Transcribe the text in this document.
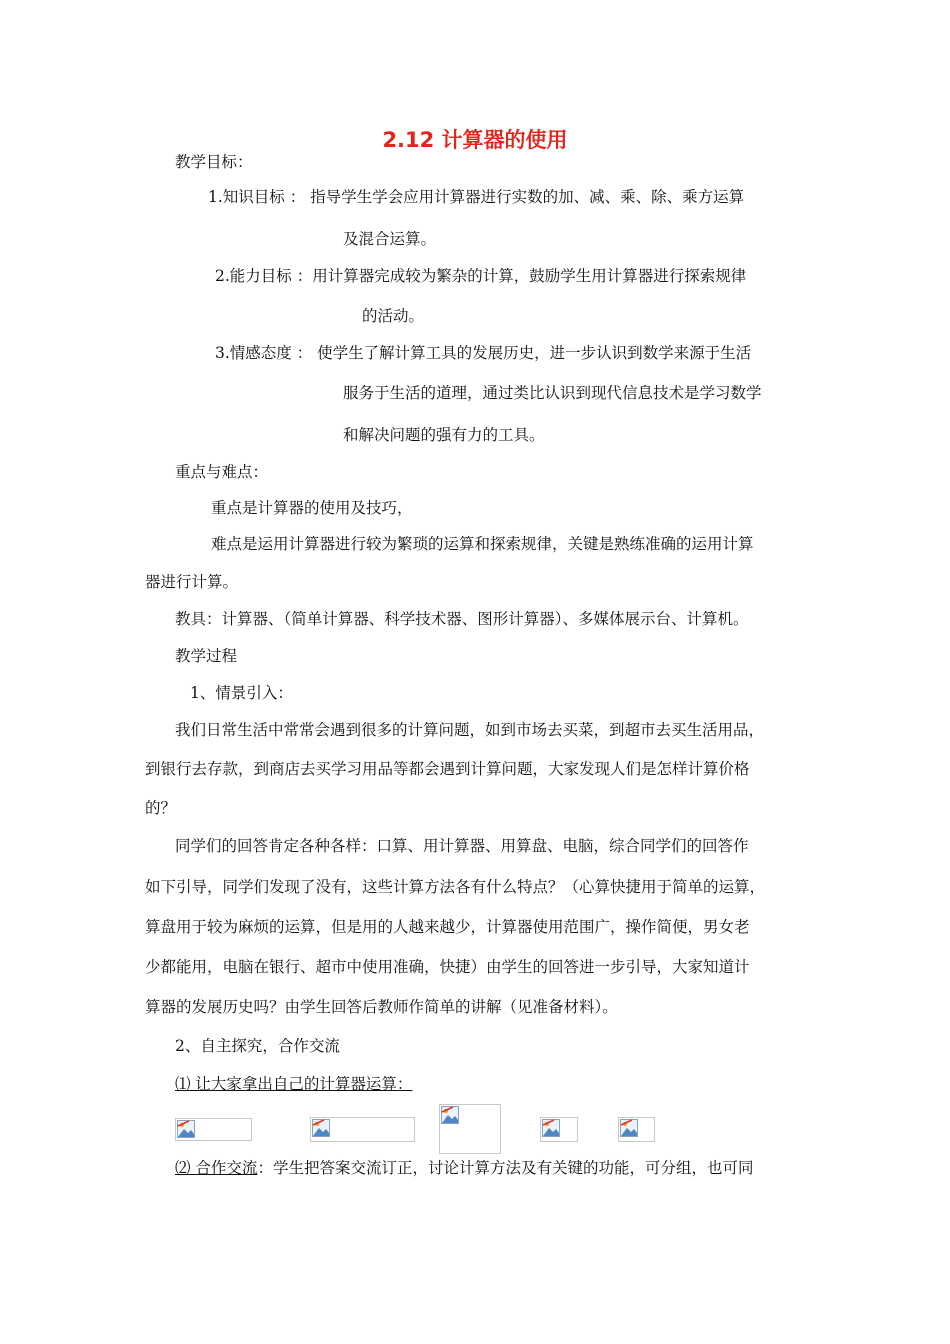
2.12 计算器的使用
教学目标：
1.知识目标 ： 指导学生学会应用计算器进行实数的加、减、乘、除、乘方运算
及混合运算。
2.能力目标 ：用计算器完成较为繁杂的计算，鼓励学生用计算器进行探索规律
的活动。
3.情感态度 ： 使学生了解计算工具的发展历史，进一步认识到数学来源于生活
服务于生活的道理，通过类比认识到现代信息技术是学习数学
和解决问题的强有力的工具。
重点与难点：
重点是计算器的使用及技巧，
难点是运用计算器进行较为繁琐的运算和探索规律，关键是熟练准确的运用计算
器进行计算。
教具：计算器、（简单计算器、科学技术器、图形计算器）、多媒体展示台、计算机。
教学过程
1、情景引入：
我们日常生活中常常会遇到很多的计算问题，如到市场去买菜，到超市去买生活用品，
到银行去存款，到商店去买学习用品等都会遇到计算问题，大家发现人们是怎样计算价格
的？
同学们的回答肯定各种各样：口算、用计算器、用算盘、电脑，综合同学们的回答作
如下引导，同学们发现了没有，这些计算方法各有什么特点？（心算快捷用于简单的运算，
算盘用于较为麻烦的运算，但是用的人越来越少，计算器使用范围广，操作简便，男女老
少都能用，电脑在银行、超市中使用准确，快捷）由学生的回答进一步引导，大家知道计
算器的发展历史吗？由学生回答后教师作简单的讲解（见准备材料）。
2、自主探究，合作交流
⑴ 让大家拿出自己的计算器运算：
⑵ 合作交流：学生把答案交流订正，讨论计算方法及有关键的功能，可分组，也可同
